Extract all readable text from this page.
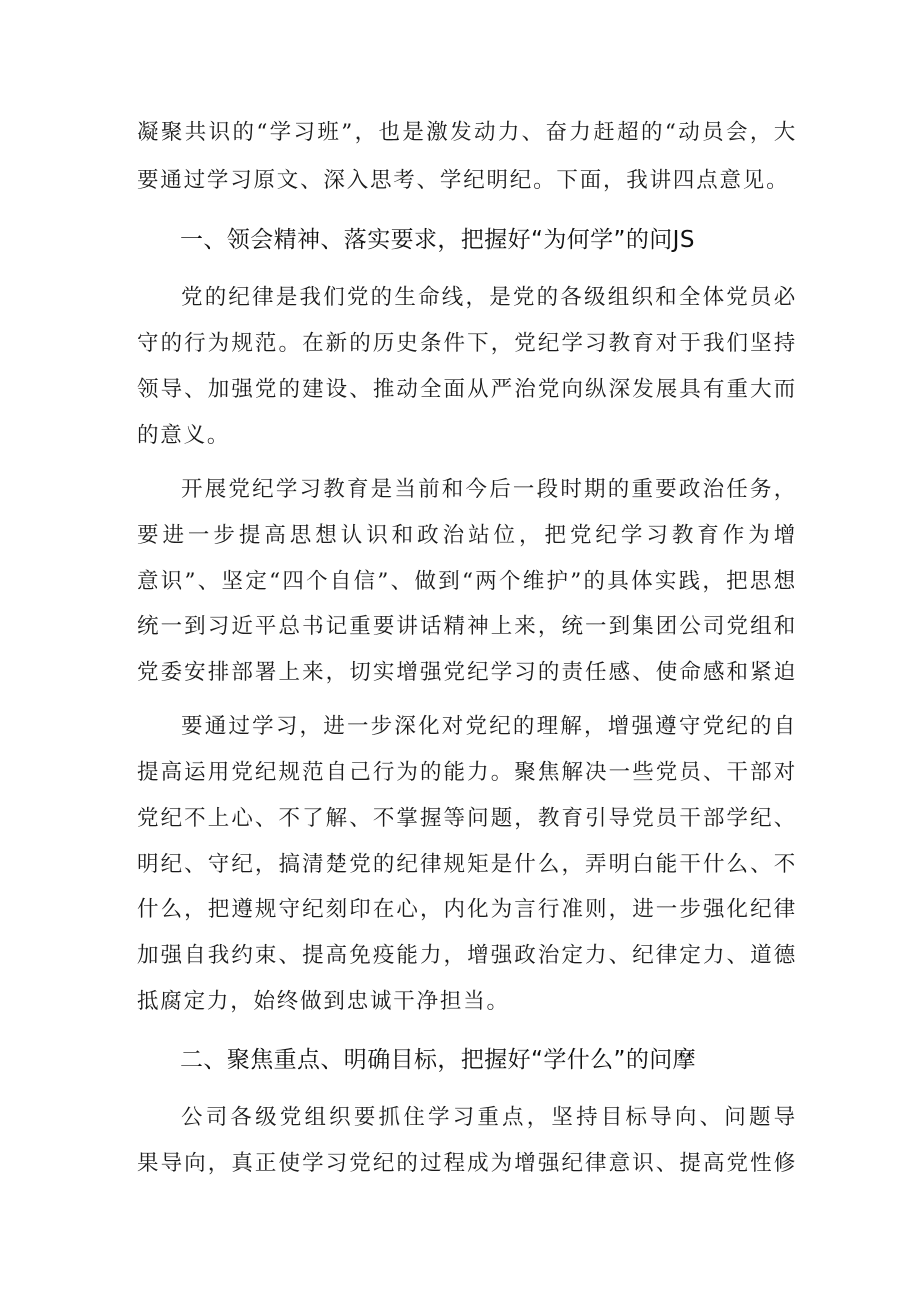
凝聚共识的“学习班”，也是激发动力、奋力赶超的“动员会，大
要通过学习原文、深入思考、学纪明纪。下面，我讲四点意见。
一、领会精神、落实要求，把握好“为何学”的问JS
党的纪律是我们党的生命线，是党的各级组织和全体党员必
守的行为规范。在新的历史条件下，党纪学习教育对于我们坚持
领导、加强党的建设、推动全面从严治党向纵深发展具有重大而
的意义。
开展党纪学习教育是当前和今后一段时期的重要政治任务，
要进一步提高思想认识和政治站位，把党纪学习教育作为增
意识”、坚定“四个自信”、做到“两个维护”的具体实践，把思想
统一到习近平总书记重要讲话精神上来，统一到集团公司党组和
党委安排部署上来，切实增强党纪学习的责任感、使命感和紧迫
要通过学习，进一步深化对党纪的理解，增强遵守党纪的自
提高运用党纪规范自己行为的能力。聚焦解决一些党员、干部对
党纪不上心、不了解、不掌握等问题，教育引导党员干部学纪、
明纪、守纪，搞清楚党的纪律规矩是什么，弄明白能干什么、不
什么，把遵规守纪刻印在心，内化为言行准则，进一步强化纪律
加强自我约束、提高免疫能力，增强政治定力、纪律定力、道德
抵腐定力，始终做到忠诚干净担当。
二、聚焦重点、明确目标，把握好“学什么”的问摩
公司各级党组织要抓住学习重点，坚持目标导向、问题导
果导向，真正使学习党纪的过程成为增强纪律意识、提高党性修
